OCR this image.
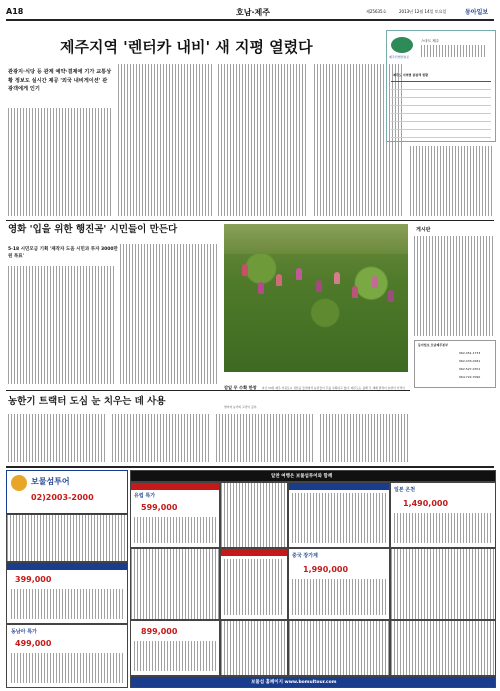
A18	호남·제주	제25635호	2013년 12월 14일 토요일	동아일보
제주지역 '렌터카 내비' 새 지평 열렸다
관광지·식당 등 관계 예약·결제에 기가 교통상황 정보도 실시간 제공 '외국 내비게이션' 관광객에게 인기
제주컨벤션뷰로
스마트 제주
제주도 지역별 관광객 현황
영화 '입을 위한 행진곡' 시민들이 만든다
5·18 시민모금 기획 '제작자 도움 시민과 투자 3000만원 목표'
감잎 무 수확 한창 지난 13일 제주 서귀포시 성산읍 들녘에서 농민들이 무를 수확하고 있다. 제주도는 올해 무 재배 면적이 늘면서 가격이 떨어져 농가의 고민이 깊다.
게시판
동아일보 호남제주본부
062-451-1733
062-433-0181
062-527-0701
064-722-7090
농한기 트랙터 도심 눈 치우는 데 사용
보물섬투어
02)2003-2000
399,000
동남아 특가
499,000
알찬 여행은 보물섬투어와 함께
유럽 특가
599,000
일본 온천
1,490,000
중국 장가계
1,990,000
899,000
보물섬 홈페이지 www.bomultour.com
